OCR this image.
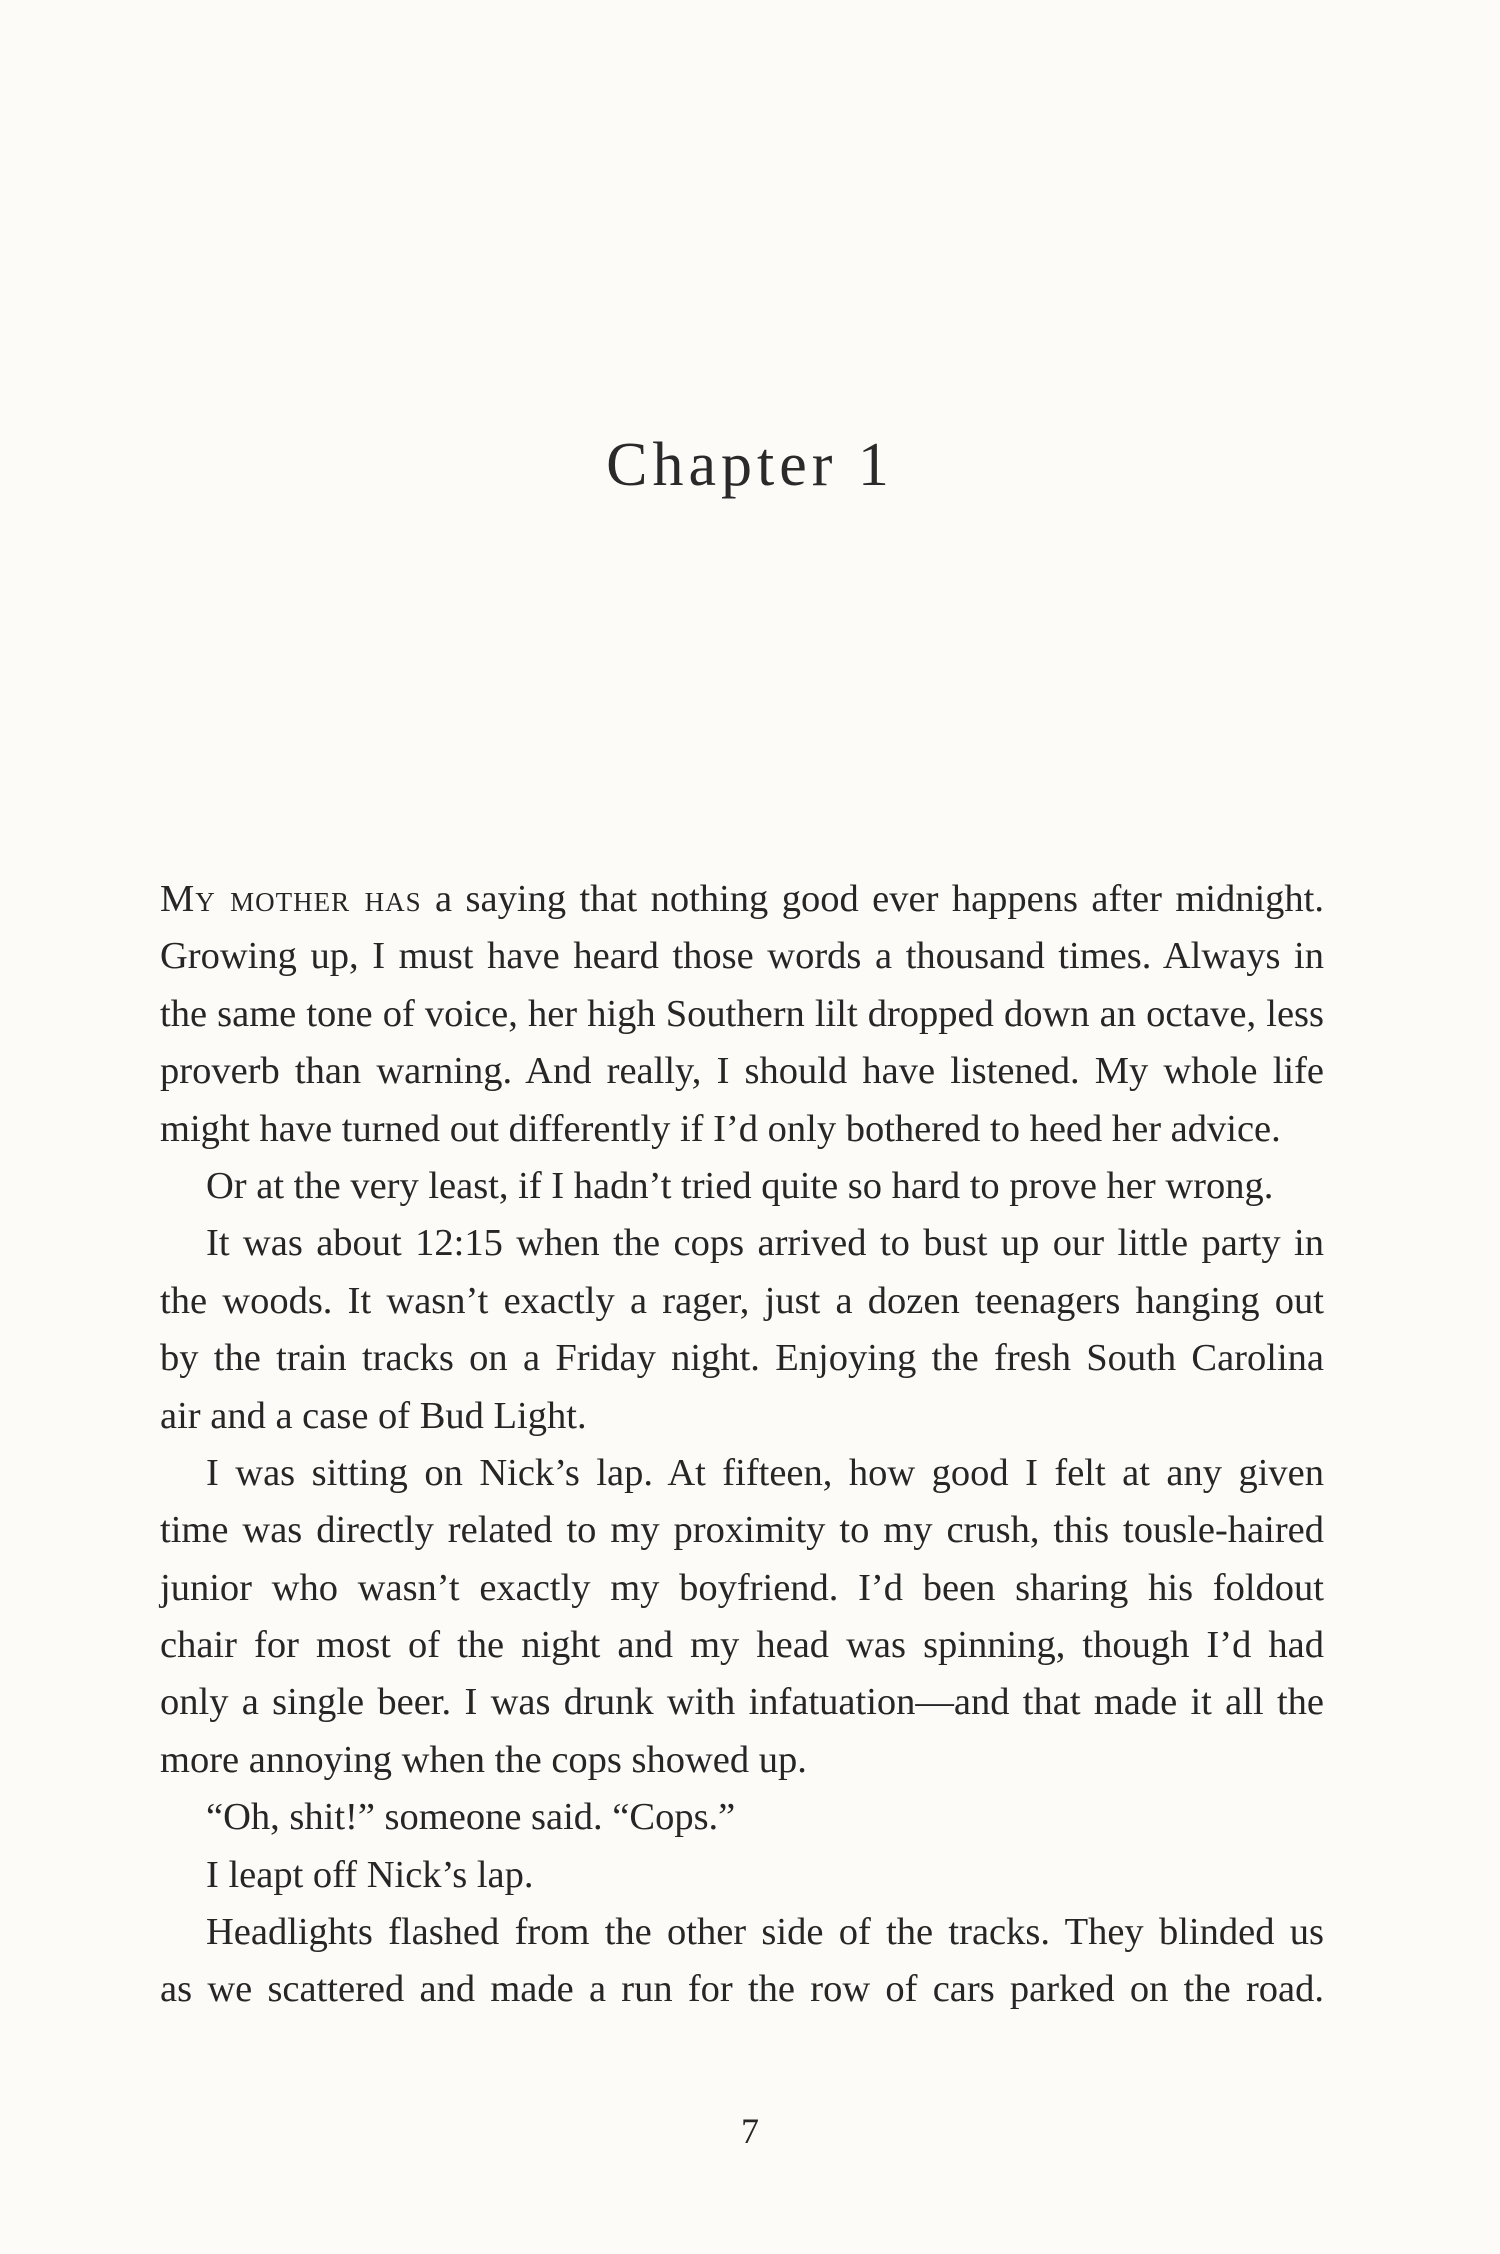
Chapter 1
My mother has a saying that nothing good ever happens after midnight.
Growing up, I must have heard those words a thousand times. Always in
the same tone of voice, her high Southern lilt dropped down an octave, less
proverb than warning. And really, I should have listened. My whole life
might have turned out differently if I’d only bothered to heed her advice.
Or at the very least, if I hadn’t tried quite so hard to prove her wrong.
It was about 12:15 when the cops arrived to bust up our little party in
the woods. It wasn’t exactly a rager, just a dozen teenagers hanging out
by the train tracks on a Friday night. Enjoying the fresh South Carolina
air and a case of Bud Light.
I was sitting on Nick’s lap. At fifteen, how good I felt at any given
time was directly related to my proximity to my crush, this tousle-haired
junior who wasn’t exactly my boyfriend. I’d been sharing his foldout
chair for most of the night and my head was spinning, though I’d had
only a single beer. I was drunk with infatuation—and that made it all the
more annoying when the cops showed up.
“Oh, shit!” someone said. “Cops.”
I leapt off Nick’s lap.
Headlights flashed from the other side of the tracks. They blinded us
as we scattered and made a run for the row of cars parked on the road.
7
